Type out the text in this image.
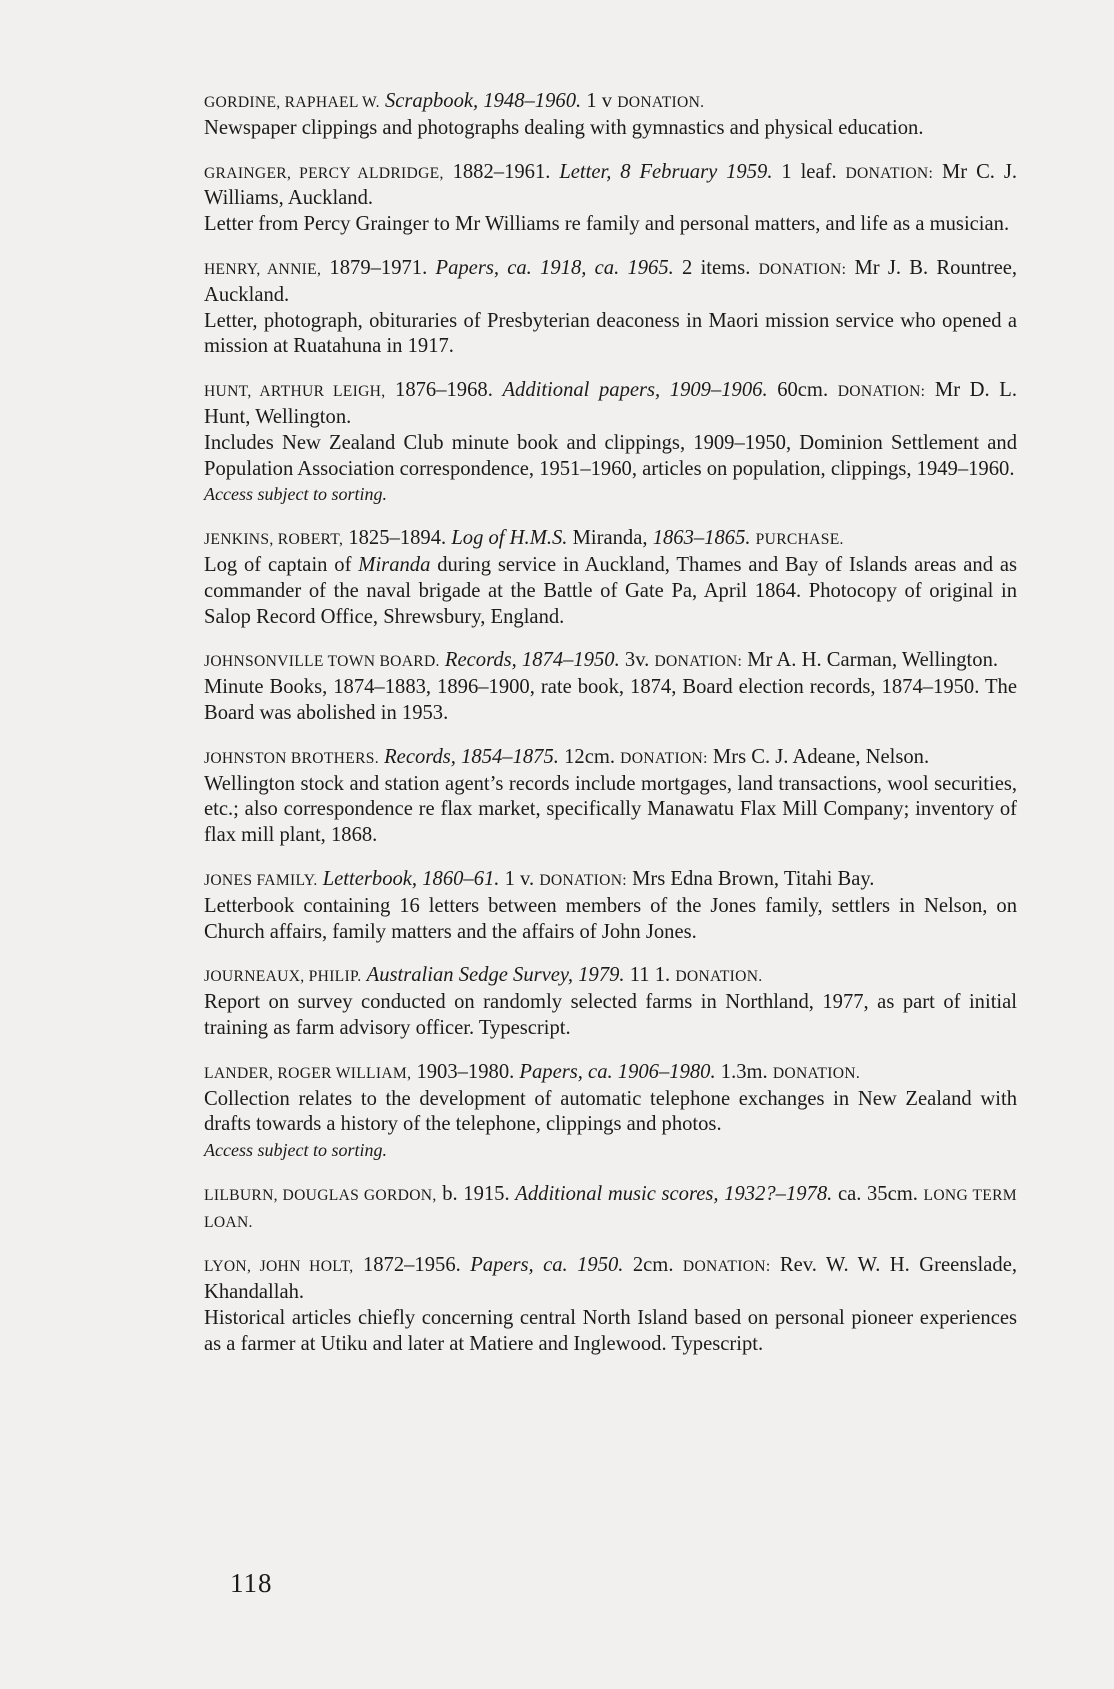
GORDINE, RAPHAEL W. Scrapbook, 1948–1960. 1 v DONATION.
Newspaper clippings and photographs dealing with gymnastics and physical education.
GRAINGER, PERCY ALDRIDGE, 1882–1961. Letter, 8 February 1959. 1 leaf. DONATION: Mr C. J. Williams, Auckland.
Letter from Percy Grainger to Mr Williams re family and personal matters, and life as a musician.
HENRY, ANNIE, 1879–1971. Papers, ca. 1918, ca. 1965. 2 items. DONATION: Mr J. B. Rountree, Auckland.
Letter, photograph, obituraries of Presbyterian deaconess in Maori mission service who opened a mission at Ruatahuna in 1917.
HUNT, ARTHUR LEIGH, 1876–1968. Additional papers, 1909–1906. 60cm. DONATION: Mr D. L. Hunt, Wellington.
Includes New Zealand Club minute book and clippings, 1909–1950, Dominion Settlement and Population Association correspondence, 1951–1960, articles on population, clippings, 1949–1960.
Access subject to sorting.
JENKINS, ROBERT, 1825–1894. Log of H.M.S. Miranda, 1863–1865. PURCHASE.
Log of captain of Miranda during service in Auckland, Thames and Bay of Islands areas and as commander of the naval brigade at the Battle of Gate Pa, April 1864. Photocopy of original in Salop Record Office, Shrewsbury, England.
JOHNSONVILLE TOWN BOARD. Records, 1874–1950. 3v. DONATION: Mr A. H. Carman, Wellington.
Minute Books, 1874–1883, 1896–1900, rate book, 1874, Board election records, 1874–1950. The Board was abolished in 1953.
JOHNSTON BROTHERS. Records, 1854–1875. 12cm. DONATION: Mrs C. J. Adeane, Nelson.
Wellington stock and station agent’s records include mortgages, land transactions, wool securities, etc.; also correspondence re flax market, specifically Manawatu Flax Mill Company; inventory of flax mill plant, 1868.
JONES FAMILY. Letterbook, 1860–61. 1 v. DONATION: Mrs Edna Brown, Titahi Bay.
Letterbook containing 16 letters between members of the Jones family, settlers in Nelson, on Church affairs, family matters and the affairs of John Jones.
JOURNEAUX, PHILIP. Australian Sedge Survey, 1979. 11 1. DONATION.
Report on survey conducted on randomly selected farms in Northland, 1977, as part of initial training as farm advisory officer. Typescript.
LANDER, ROGER WILLIAM, 1903–1980. Papers, ca. 1906–1980. 1.3m. DONATION.
Collection relates to the development of automatic telephone exchanges in New Zealand with drafts towards a history of the telephone, clippings and photos.
Access subject to sorting.
LILBURN, DOUGLAS GORDON, b. 1915. Additional music scores, 1932?–1978. ca. 35cm. LONG TERM LOAN.
LYON, JOHN HOLT, 1872–1956. Papers, ca. 1950. 2cm. DONATION: Rev. W. W. H. Greenslade, Khandallah.
Historical articles chiefly concerning central North Island based on personal pioneer experiences as a farmer at Utiku and later at Matiere and Inglewood. Typescript.
118
